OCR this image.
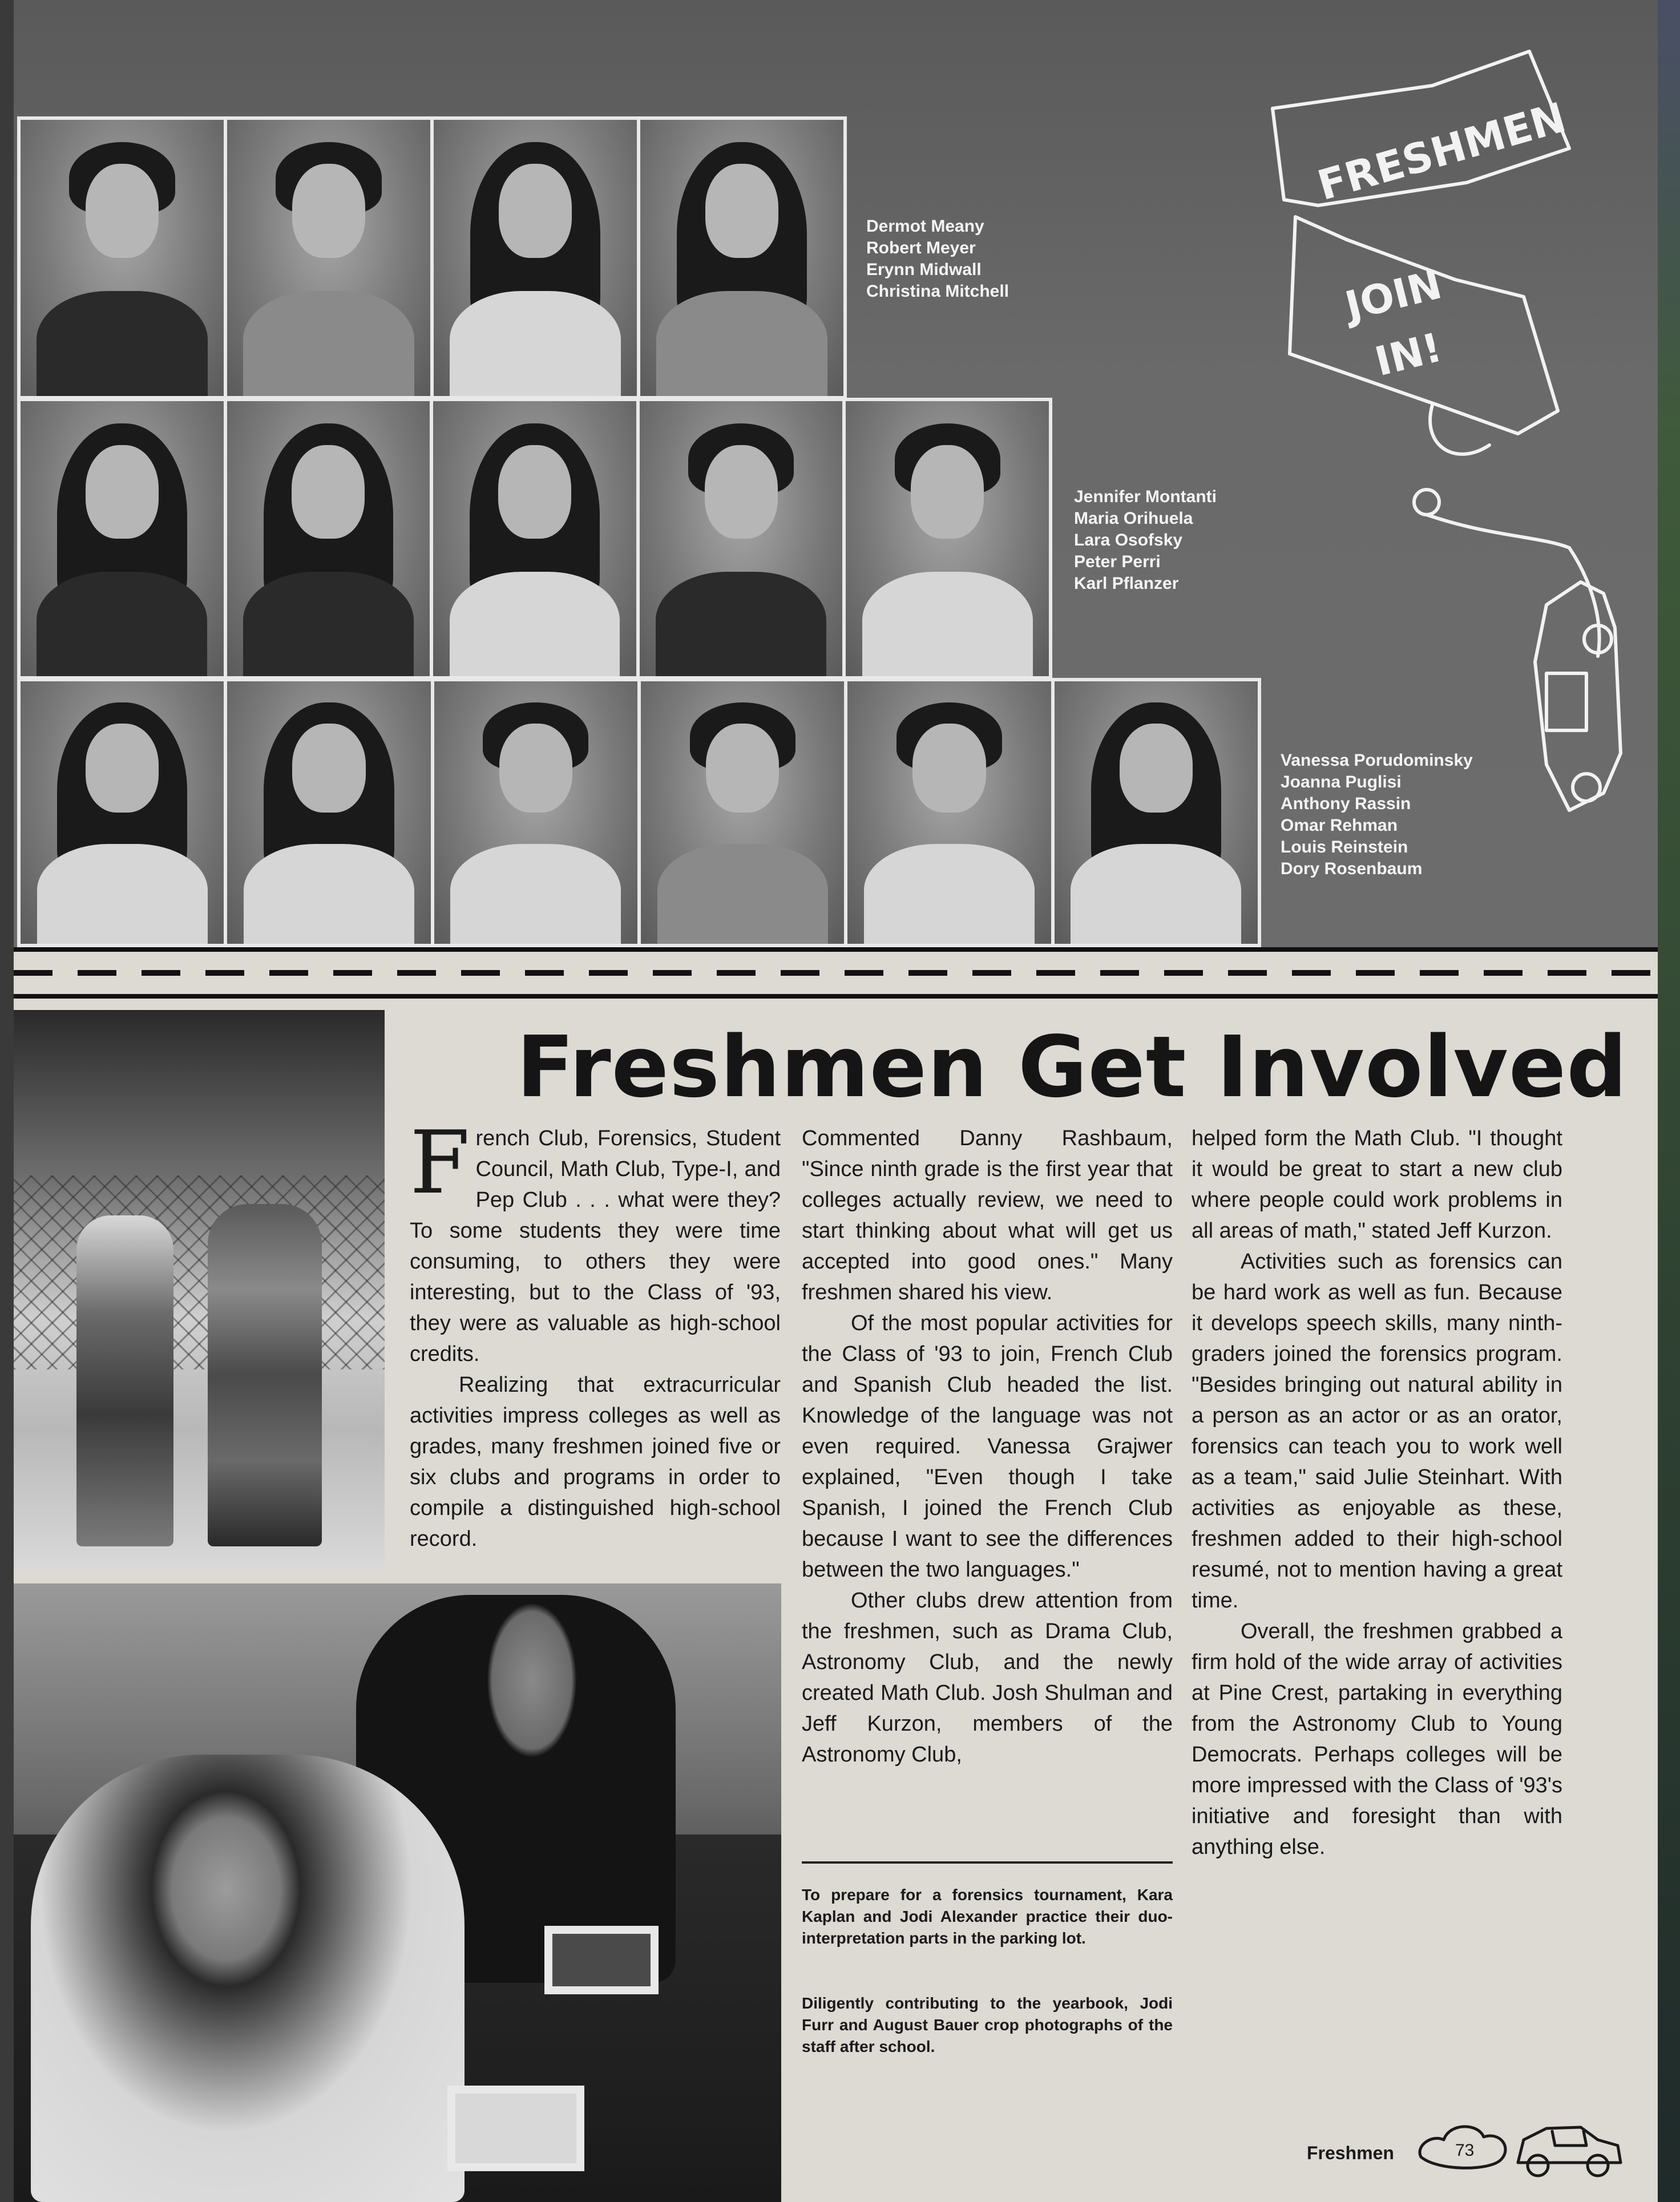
Dermot Meany
Robert Meyer
Erynn Midwall
Christina Mitchell
Jennifer Montanti
Maria Orihuela
Lara Osofsky
Peter Perri
Karl Pflanzer
Vanessa Porudominsky
Joanna Puglisi
Anthony Rassin
Omar Rehman
Louis Reinstein
Dory Rosenbaum
FRESHMEN
JOIN
IN!
Freshmen Get Involved

French Club, Forensics, Student Council, Math Club, Type-I, and Pep Club . . . what were they? To some students they were time consuming, to others they were interesting, but to the Class of '93, they were as valuable as high-school credits.

Realizing that extracurricular activities impress colleges as well as grades, many freshmen joined five or six clubs and programs in order to compile a distinguished high-school record.

Commented Danny Rashbaum, "Since ninth grade is the first year that colleges actually review, we need to start thinking about what will get us accepted into good ones." Many freshmen shared his view.

Of the most popular activities for the Class of '93 to join, French Club and Spanish Club headed the list. Knowledge of the language was not even required. Vanessa Grajwer explained, "Even though I take Spanish, I joined the French Club because I want to see the differences between the two languages."

Other clubs drew attention from the freshmen, such as Drama Club, Astronomy Club, and the newly created Math Club. Josh Shulman and Jeff Kurzon, members of the Astronomy Club,

To prepare for a forensics tournament, Kara Kaplan and Jodi Alexander practice their duo-interpretation parts in the parking lot.
Diligently contributing to the yearbook, Jodi Furr and August Bauer crop photographs of the staff after school.

helped form the Math Club. "I thought it would be great to start a new club where people could work problems in all areas of math," stated Jeff Kurzon.

Activities such as forensics can be hard work as well as fun. Because it develops speech skills, many ninth-graders joined the forensics program. "Besides bringing out natural ability in a person as an actor or as an orator, forensics can teach you to work well as a team," said Julie Steinhart. With activities as enjoyable as these, freshmen added to their high-school resumé, not to mention having a great time.

Overall, the freshmen grabbed a firm hold of the wide array of activities at Pine Crest, partaking in everything from the Astronomy Club to Young Democrats. Perhaps colleges will be more impressed with the Class of '93's initiative and foresight than with anything else.

Freshmen	73
